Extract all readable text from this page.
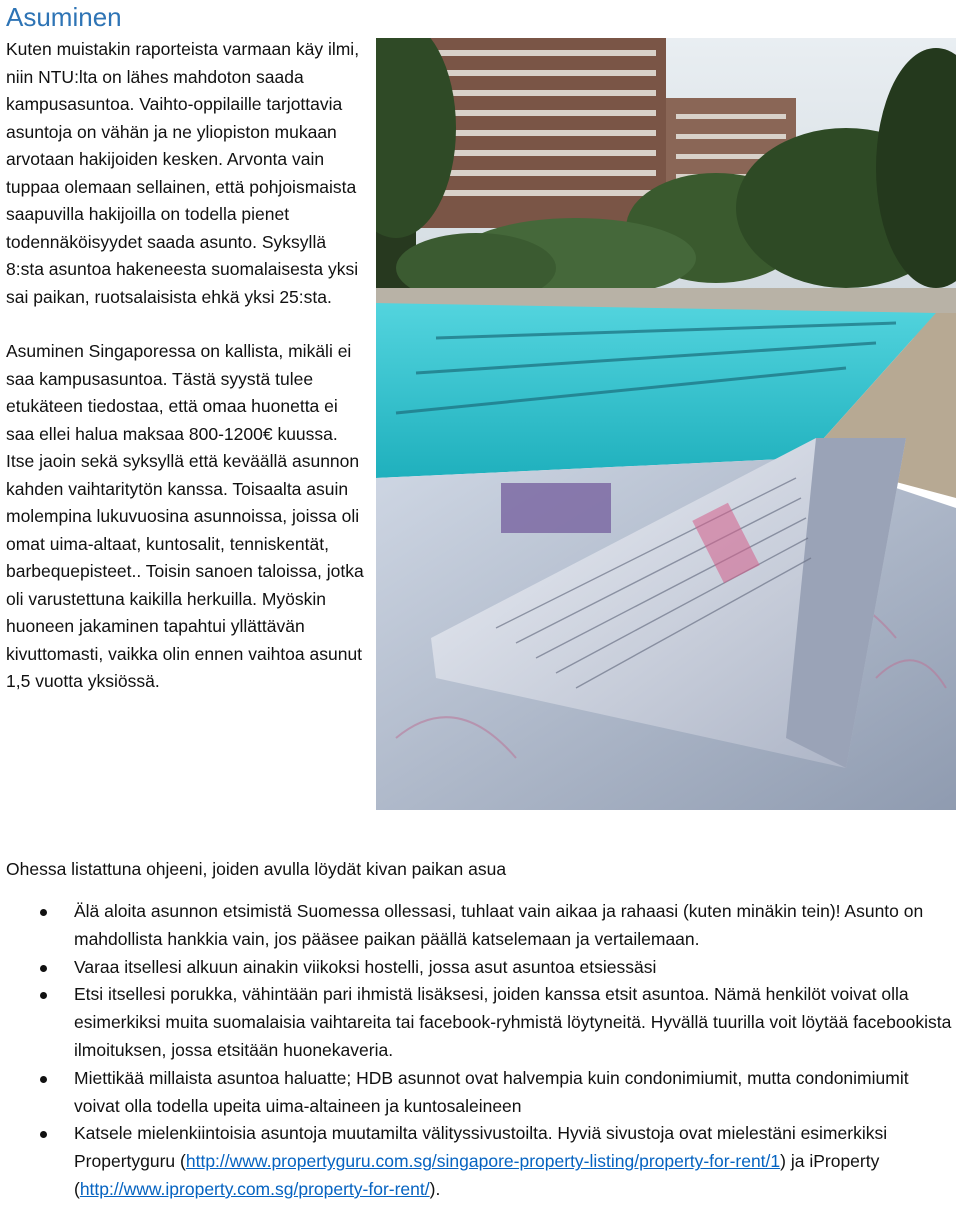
Asuminen

Kuten muistakin raporteista varmaan käy ilmi, niin NTU:lta on lähes mahdoton saada kampusasuntoa. Vaihto-oppilaille tarjottavia asuntoja on vähän ja ne yliopiston mukaan arvotaan hakijoiden kesken. Arvonta vain tuppaa olemaan sellainen, että pohjoismaista saapuvilla hakijoilla on todella pienet todennäköisyydet saada asunto. Syksyllä 8:sta asuntoa hakeneesta suomalaisesta yksi sai paikan, ruotsalaisista ehkä yksi 25:sta.

Asuminen Singaporessa on kallista, mikäli ei saa kampusasuntoa. Tästä syystä tulee etukäteen tiedostaa, että omaa huonetta ei saa ellei halua maksaa 800-1200€ kuussa. Itse jaoin sekä syksyllä että keväällä asunnon kahden vaihtaritytön kanssa. Toisaalta asuin molempina lukuvuosina asunnoissa, joissa oli omat uima-altaat, kuntosalit, tenniskentät, barbequepisteet.. Toisin sanoen taloissa, jotka oli varustettuna kaikilla herkuilla. Myöskin huoneen jakaminen tapahtui yllättävän kivuttomasti, vaikka olin ennen vaihtoa asunut 1,5 vuotta yksiössä.

Ohessa listattuna ohjeeni, joiden avulla löydät kivan paikan asua
Älä aloita asunnon etsimistä Suomessa ollessasi, tuhlaat vain aikaa ja rahaasi (kuten minäkin tein)! Asunto on mahdollista hankkia vain, jos pääsee paikan päällä katselemaan ja vertailemaan.
Varaa itsellesi alkuun ainakin viikoksi hostelli, jossa asut asuntoa etsiessäsi
Etsi itsellesi porukka, vähintään pari ihmistä lisäksesi, joiden kanssa etsit asuntoa. Nämä henkilöt voivat olla esimerkiksi muita suomalaisia vaihtareita tai facebook-ryhmistä löytyneitä. Hyvällä tuurilla voit löytää facebookista ilmoituksen, jossa etsitään huonekaveria.
Miettikää millaista asuntoa haluatte; HDB asunnot ovat halvempia kuin condonimiumit, mutta condonimiumit voivat olla todella upeita uima-altaineen ja kuntosaleineen
Katsele mielenkiintoisia asuntoja muutamilta välityssivustoilta. Hyviä sivustoja ovat mielestäni esimerkiksi Propertyguru (http://www.propertyguru.com.sg/singapore-property-listing/property-for-rent/1) ja iProperty (http://www.iproperty.com.sg/property-for-rent/).
